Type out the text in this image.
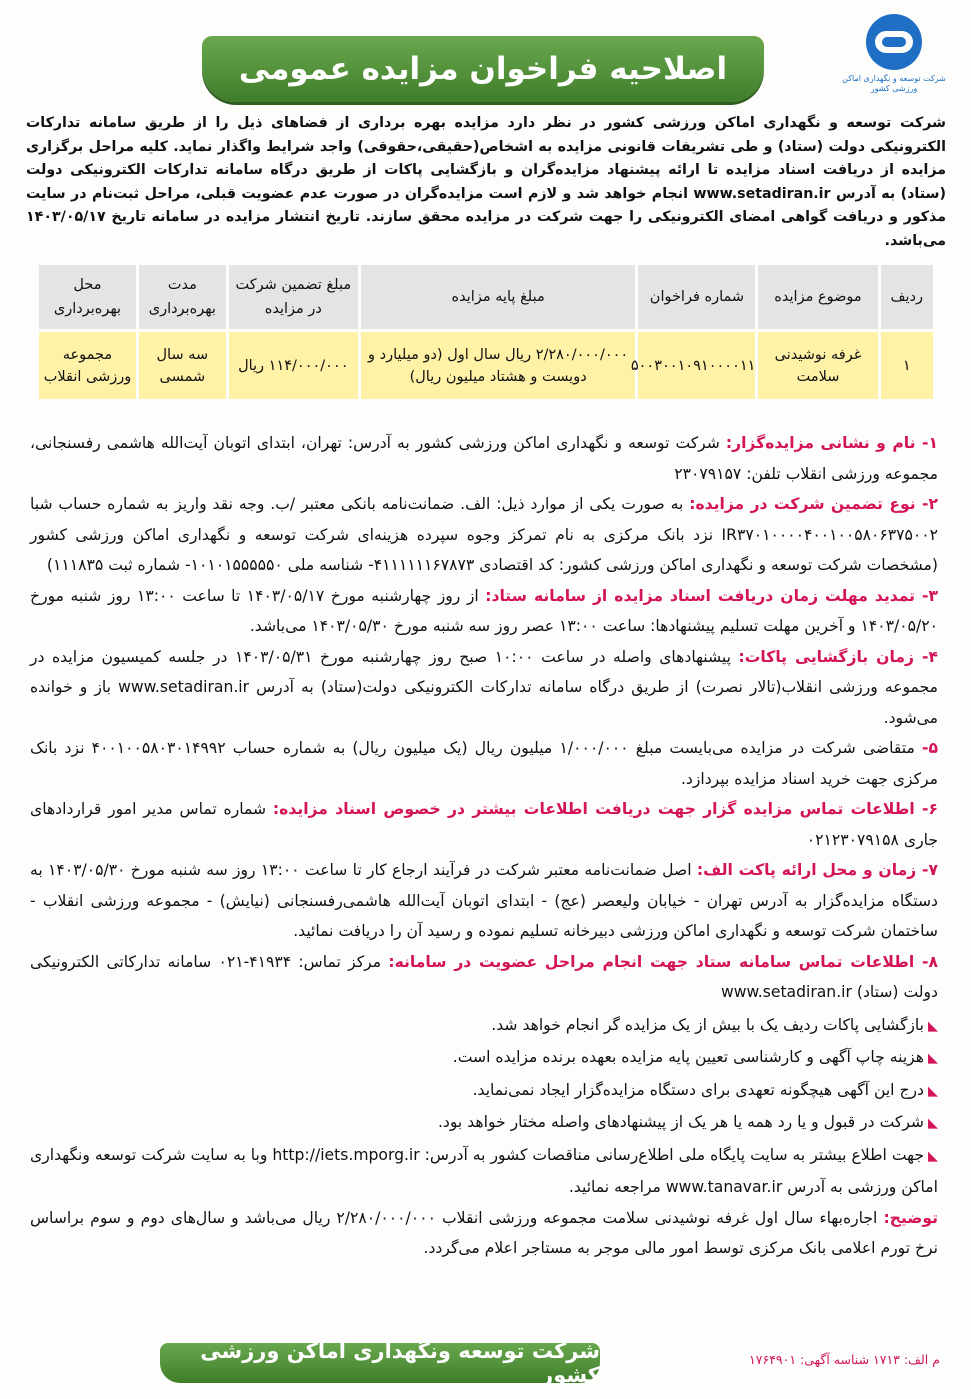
شرکت توسعه و نگهداری اماکن ورزشی کشور
اصلاحیه فراخوان مزایده عمومی
شرکت توسعه و نگهداری اماکن ورزشی کشور در نظر دارد مزایده بهره برداری از فضاهای ذیل را از طریق سامانه تدارکات الکترونیکی دولت (ستاد) و طی تشریفات قانونی مزایده به اشخاص(حقیقی،حقوقی) واجد شرایط واگذار نماید. کلیه مراحل برگزاری مزایده از دریافت اسناد مزایده تا ارائه پیشنهاد مزایده‌گران و بازگشایی پاکات از طریق درگاه سامانه تدارکات الکترونیکی دولت (ستاد) به آدرس www.setadiran.ir انجام خواهد شد و لازم است مزایده‌گران در صورت عدم عضویت قبلی، مراحل ثبت‌نام در سایت مذکور و دریافت گواهی امضای الکترونیکی را جهت شرکت در مزایده محقق سازند. تاریخ انتشار مزایده در سامانه تاریخ ۱۴۰۳/۰۵/۱۷ می‌باشد.
ردیف	موضوع مزایده	شماره فراخوان	مبلغ پایه مزایده	مبلغ تضمین شرکت در مزایده	مدت بهره‌برداری	محل بهره‌برداری
۱	غرفه نوشیدنی سلامت	۵۰۰۳۰۰۱۰۹۱۰۰۰۰۱۱	۲/۲۸۰/۰۰۰/۰۰۰ ریال سال اول (دو میلیارد و دویست و هشتاد میلیون ریال)	۱۱۴/۰۰۰/۰۰۰ ریال	سه سال شمسی	مجموعه ورزشی انقلاب

۱- نام و نشانی مزایده‌گزار: شرکت توسعه و نگهداری اماکن ورزشی کشور به آدرس: تهران، ابتدای اتوبان آیت‌الله هاشمی رفسنجانی، مجموعه ورزشی انقلاب تلفن: ۲۳۰۷۹۱۵۷

۲- نوع تضمین شرکت در مزایده: به صورت یکی از موارد ذیل: الف. ضمانت‌نامه بانکی معتبر /ب. وجه نقد واریز به شماره حساب شبا IR۳۷۰۱۰۰۰۰۴۰۰۱۰۰۵۸۰۶۳۷۵۰۰۲ نزد بانک مرکزی به نام تمرکز وجوه سپرده هزینه‌ای شرکت توسعه و نگهداری اماکن ورزشی کشور (مشخصات شرکت توسعه و نگهداری اماکن ورزشی کشور: کد اقتصادی ۴۱۱۱۱۱۱۶۷۸۷۳- شناسه ملی ۱۰۱۰۱۵۵۵۵۵۰- شماره ثبت ۱۱۱۸۳۵)

۳- تمدید مهلت زمان دریافت اسناد مزایده از سامانه ستاد: از روز چهارشنبه مورخ ۱۴۰۳/۰۵/۱۷ تا ساعت ۱۳:۰۰ روز شنبه مورخ ۱۴۰۳/۰۵/۲۰ و آخرین مهلت تسلیم پیشنهادها: ساعت ۱۳:۰۰ عصر روز سه شنبه مورخ ۱۴۰۳/۰۵/۳۰ می‌باشد.

۴- زمان بازگشایی پاکات: پیشنهادهای واصله در ساعت ۱۰:۰۰ صبح روز چهارشنبه مورخ ۱۴۰۳/۰۵/۳۱ در جلسه کمیسیون مزایده در مجموعه ورزشی انقلاب(تالار نصرت) از طریق درگاه سامانه تدارکات الکترونیکی دولت(ستاد) به آدرس www.setadiran.ir باز و خوانده می‌شود.

۵- متقاضی شرکت در مزایده می‌بایست مبلغ ۱/۰۰۰/۰۰۰ میلیون ریال (یک میلیون ریال) به شماره حساب ۴۰۰۱۰۰۵۸۰۳۰۱۴۹۹۲ نزد بانک مرکزی جهت خرید اسناد مزایده بپردازد.

۶- اطلاعات تماس مزایده گزار جهت دریافت اطلاعات بیشتر در خصوص اسناد مزایده: شماره تماس مدیر امور قراردادهای جاری ۰۲۱۲۳۰۷۹۱۵۸

۷- زمان و محل ارائه پاکت الف: اصل ضمانت‌نامه معتبر شرکت در فرآیند ارجاع کار تا ساعت ۱۳:۰۰ روز سه شنبه مورخ ۱۴۰۳/۰۵/۳۰ به دستگاه مزایده‌گزار به آدرس تهران - خیابان ولیعصر (عج) - ابتدای اتوبان آیت‌الله هاشمی‌رفسنجانی (نیایش) - مجموعه ورزشی انقلاب - ساختمان شرکت توسعه و نگهداری اماکن ورزشی دبیرخانه تسلیم نموده و رسید آن را دریافت نمائید.

۸- اطلاعات تماس سامانه ستاد جهت انجام مراحل عضویت در سامانه: مرکز تماس: ۴۱۹۳۴-۰۲۱ سامانه تدارکاتی الکترونیکی دولت (ستاد) www.setadiran.ir

◣بازگشایی پاکات ردیف یک با بیش از یک مزایده گر انجام خواهد شد.
◣هزینه چاپ آگهی و کارشناسی تعیین پایه مزایده بعهده برنده مزایده است.
◣درج این آگهی هیچگونه تعهدی برای دستگاه مزایده‌گزار ایجاد نمی‌نماید.
◣شرکت در قبول و یا رد همه یا هر یک از پیشنهادهای واصله مختار خواهد بود.
◣جهت اطلاع بیشتر به سایت پایگاه ملی اطلاع‌رسانی مناقصات کشور به آدرس: http://iets.mporg.ir وبا به سایت شرکت توسعه ونگهداری اماکن ورزشی به آدرس www.tanavar.ir مراجعه نمائید.

توضیح: اجاره‌بهاء سال اول غرفه نوشیدنی سلامت مجموعه ورزشی انقلاب ۲/۲۸۰/۰۰۰/۰۰۰ ریال می‌باشد و سال‌های دوم و سوم براساس نرخ تورم اعلامی بانک مرکزی توسط امور مالی موجر به مستاجر اعلام می‌گردد.

شرکت توسعه ونگهداری اماکن ورزشی کشور
م الف: ۱۷۱۳ شناسه آگهی: ۱۷۶۴۹۰۱
